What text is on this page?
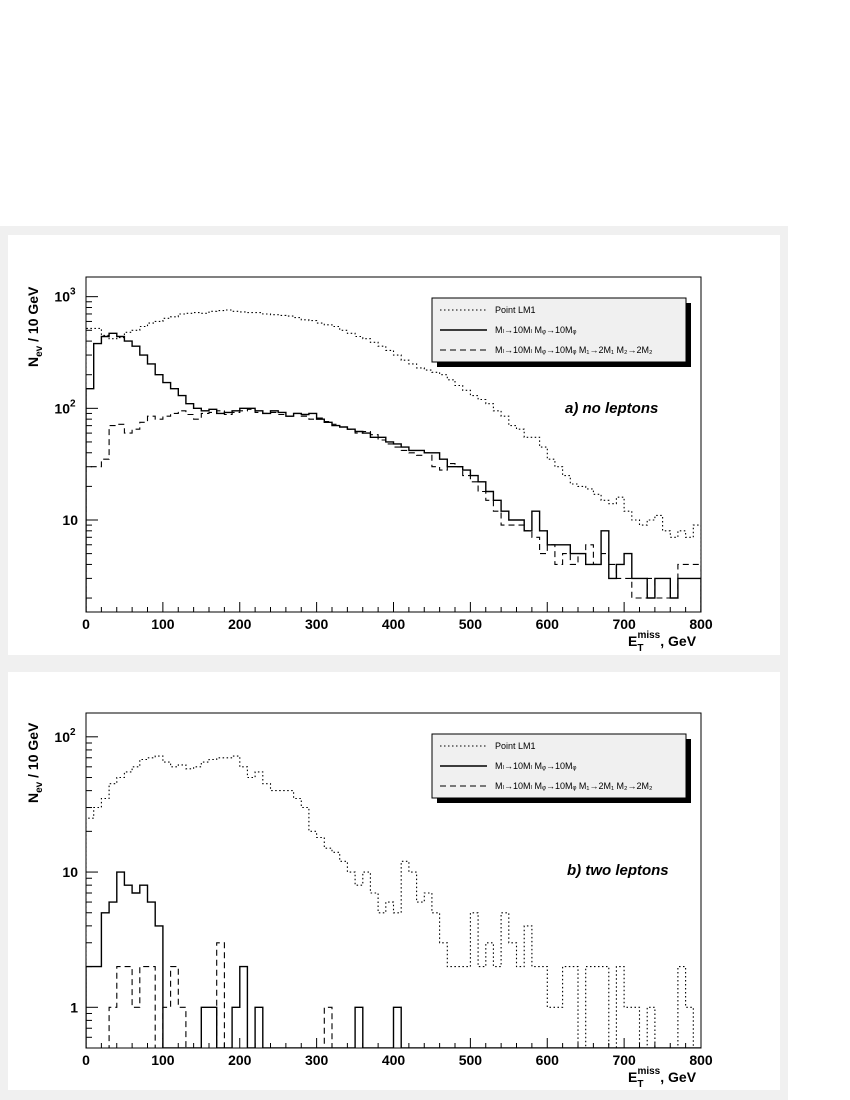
0	100	200	300	400	500	600	700	800
10 3
10 2
10
$N_{ev} / 10$ GeV
$E_Tmiss$, GeV
a) no leptons
Point LM1
Mₗ→10Mₗ Mᵩ→10Mᵩ
Mₗ→10Mₗ Mᵩ→10Mᵩ M₁→2M₁ M₂→2M₂
0	100	200	300	400	500	600	700	800
10 2
10
1
$N_{ev} / 10$ GeV
$E_Tmiss$, GeV
b) two leptons
Point LM1
Mₗ→10Mₗ Mᵩ→10Mᵩ
Mₗ→10Mₗ Mᵩ→10Mᵩ M₁→2M₁ M₂→2M₂
